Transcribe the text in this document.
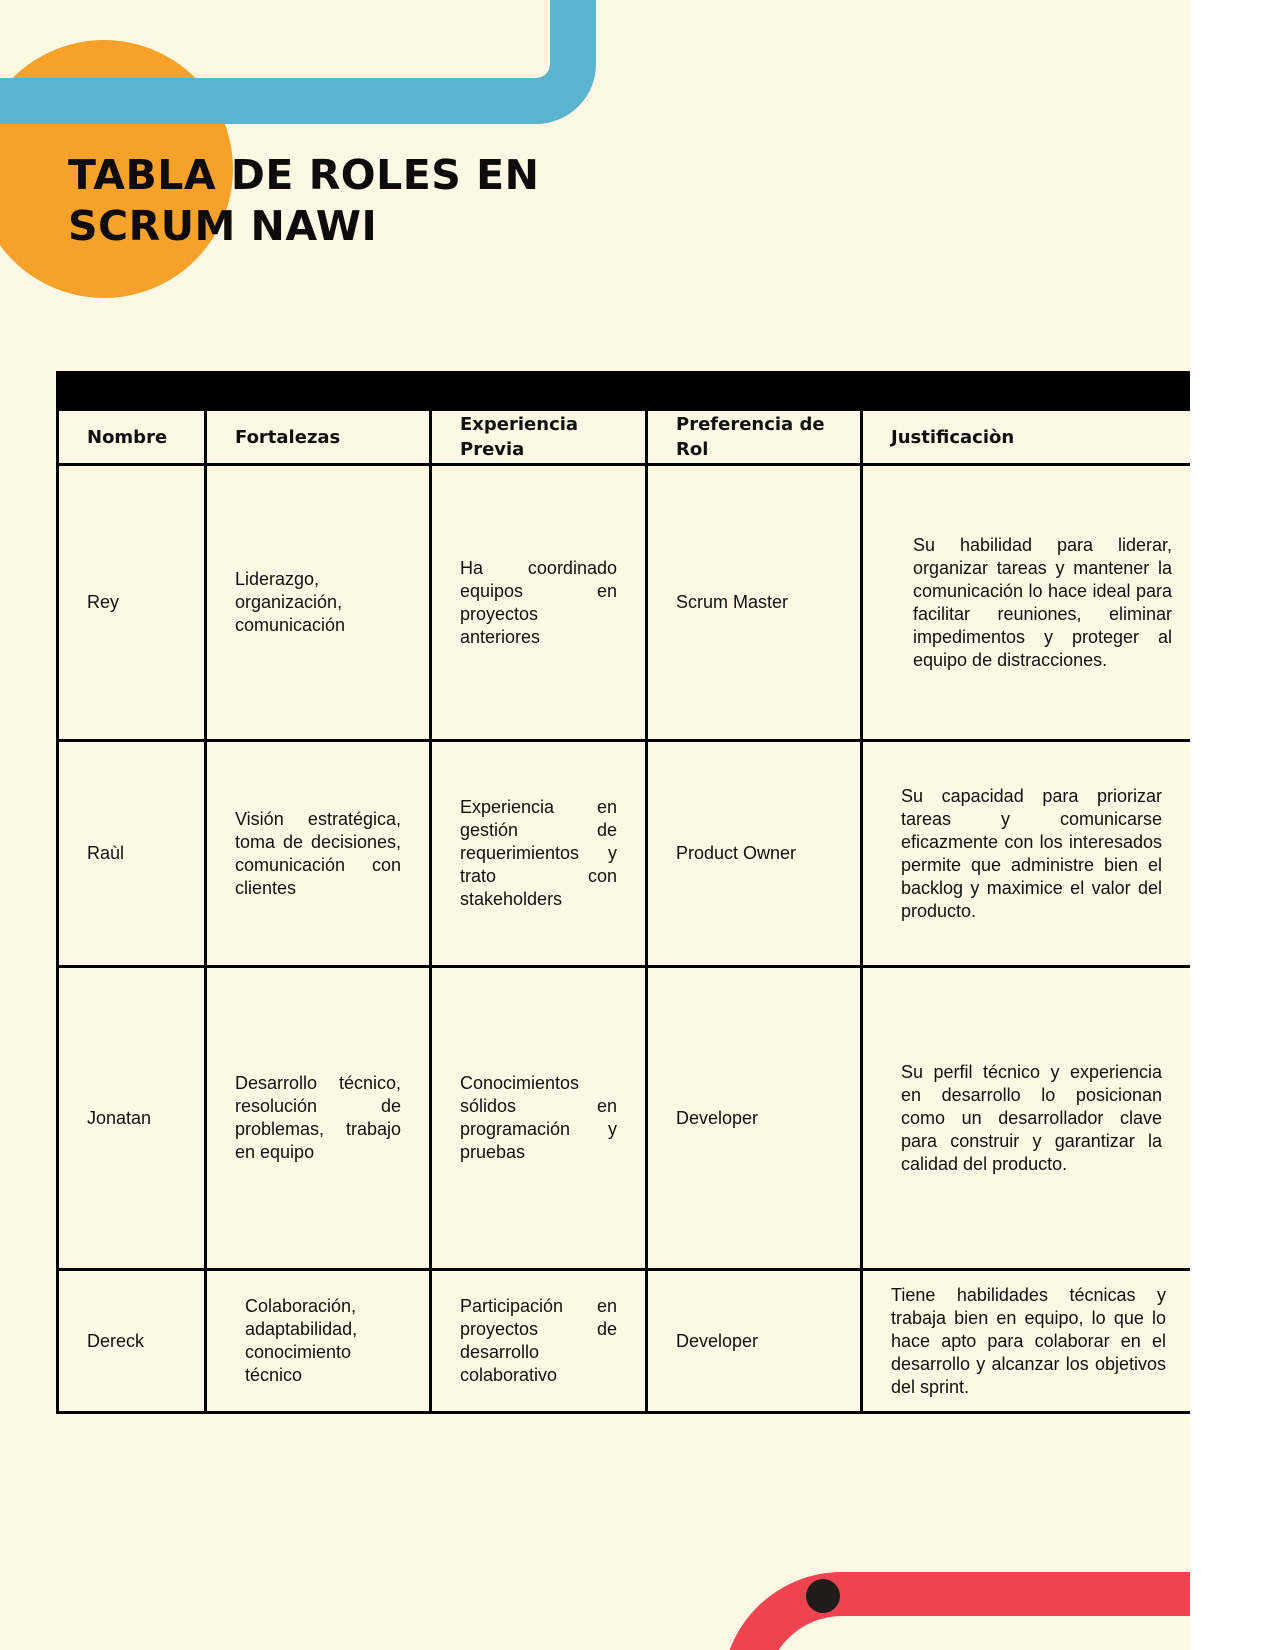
TABLA DE ROLES EN
SCRUM NAWI

Nombre	Fortalezas	Experiencia Previa	Preferencia de Rol	Justificaciòn
Rey	Liderazgo, organización, comunicación	Ha coordinado equipos en proyectos anteriores	Scrum Master	Su habilidad para liderar, organizar tareas y mantener la comunicación lo hace ideal para facilitar reuniones, eliminar impedimentos y proteger al equipo de distracciones.
Raùl	Visión estratégica, toma de decisiones, comunicación con clientes	Experiencia en gestión de requerimientos y trato con stakeholders	Product Owner	Su capacidad para priorizar tareas y comunicarse eficazmente con los interesados permite que administre bien el backlog y maximice el valor del producto.
Jonatan	Desarrollo técnico, resolución de problemas, trabajo en equipo	Conocimientos sólidos en programación y pruebas	Developer	Su perfil técnico y experiencia en desarrollo lo posicionan como un desarrollador clave para construir y garantizar la calidad del producto.
Dereck	Colaboración, adaptabilidad, conocimiento técnico	Participación en proyectos de desarrollo colaborativo	Developer	Tiene habilidades técnicas y trabaja bien en equipo, lo que lo hace apto para colaborar en el desarrollo y alcanzar los objetivos del sprint.
